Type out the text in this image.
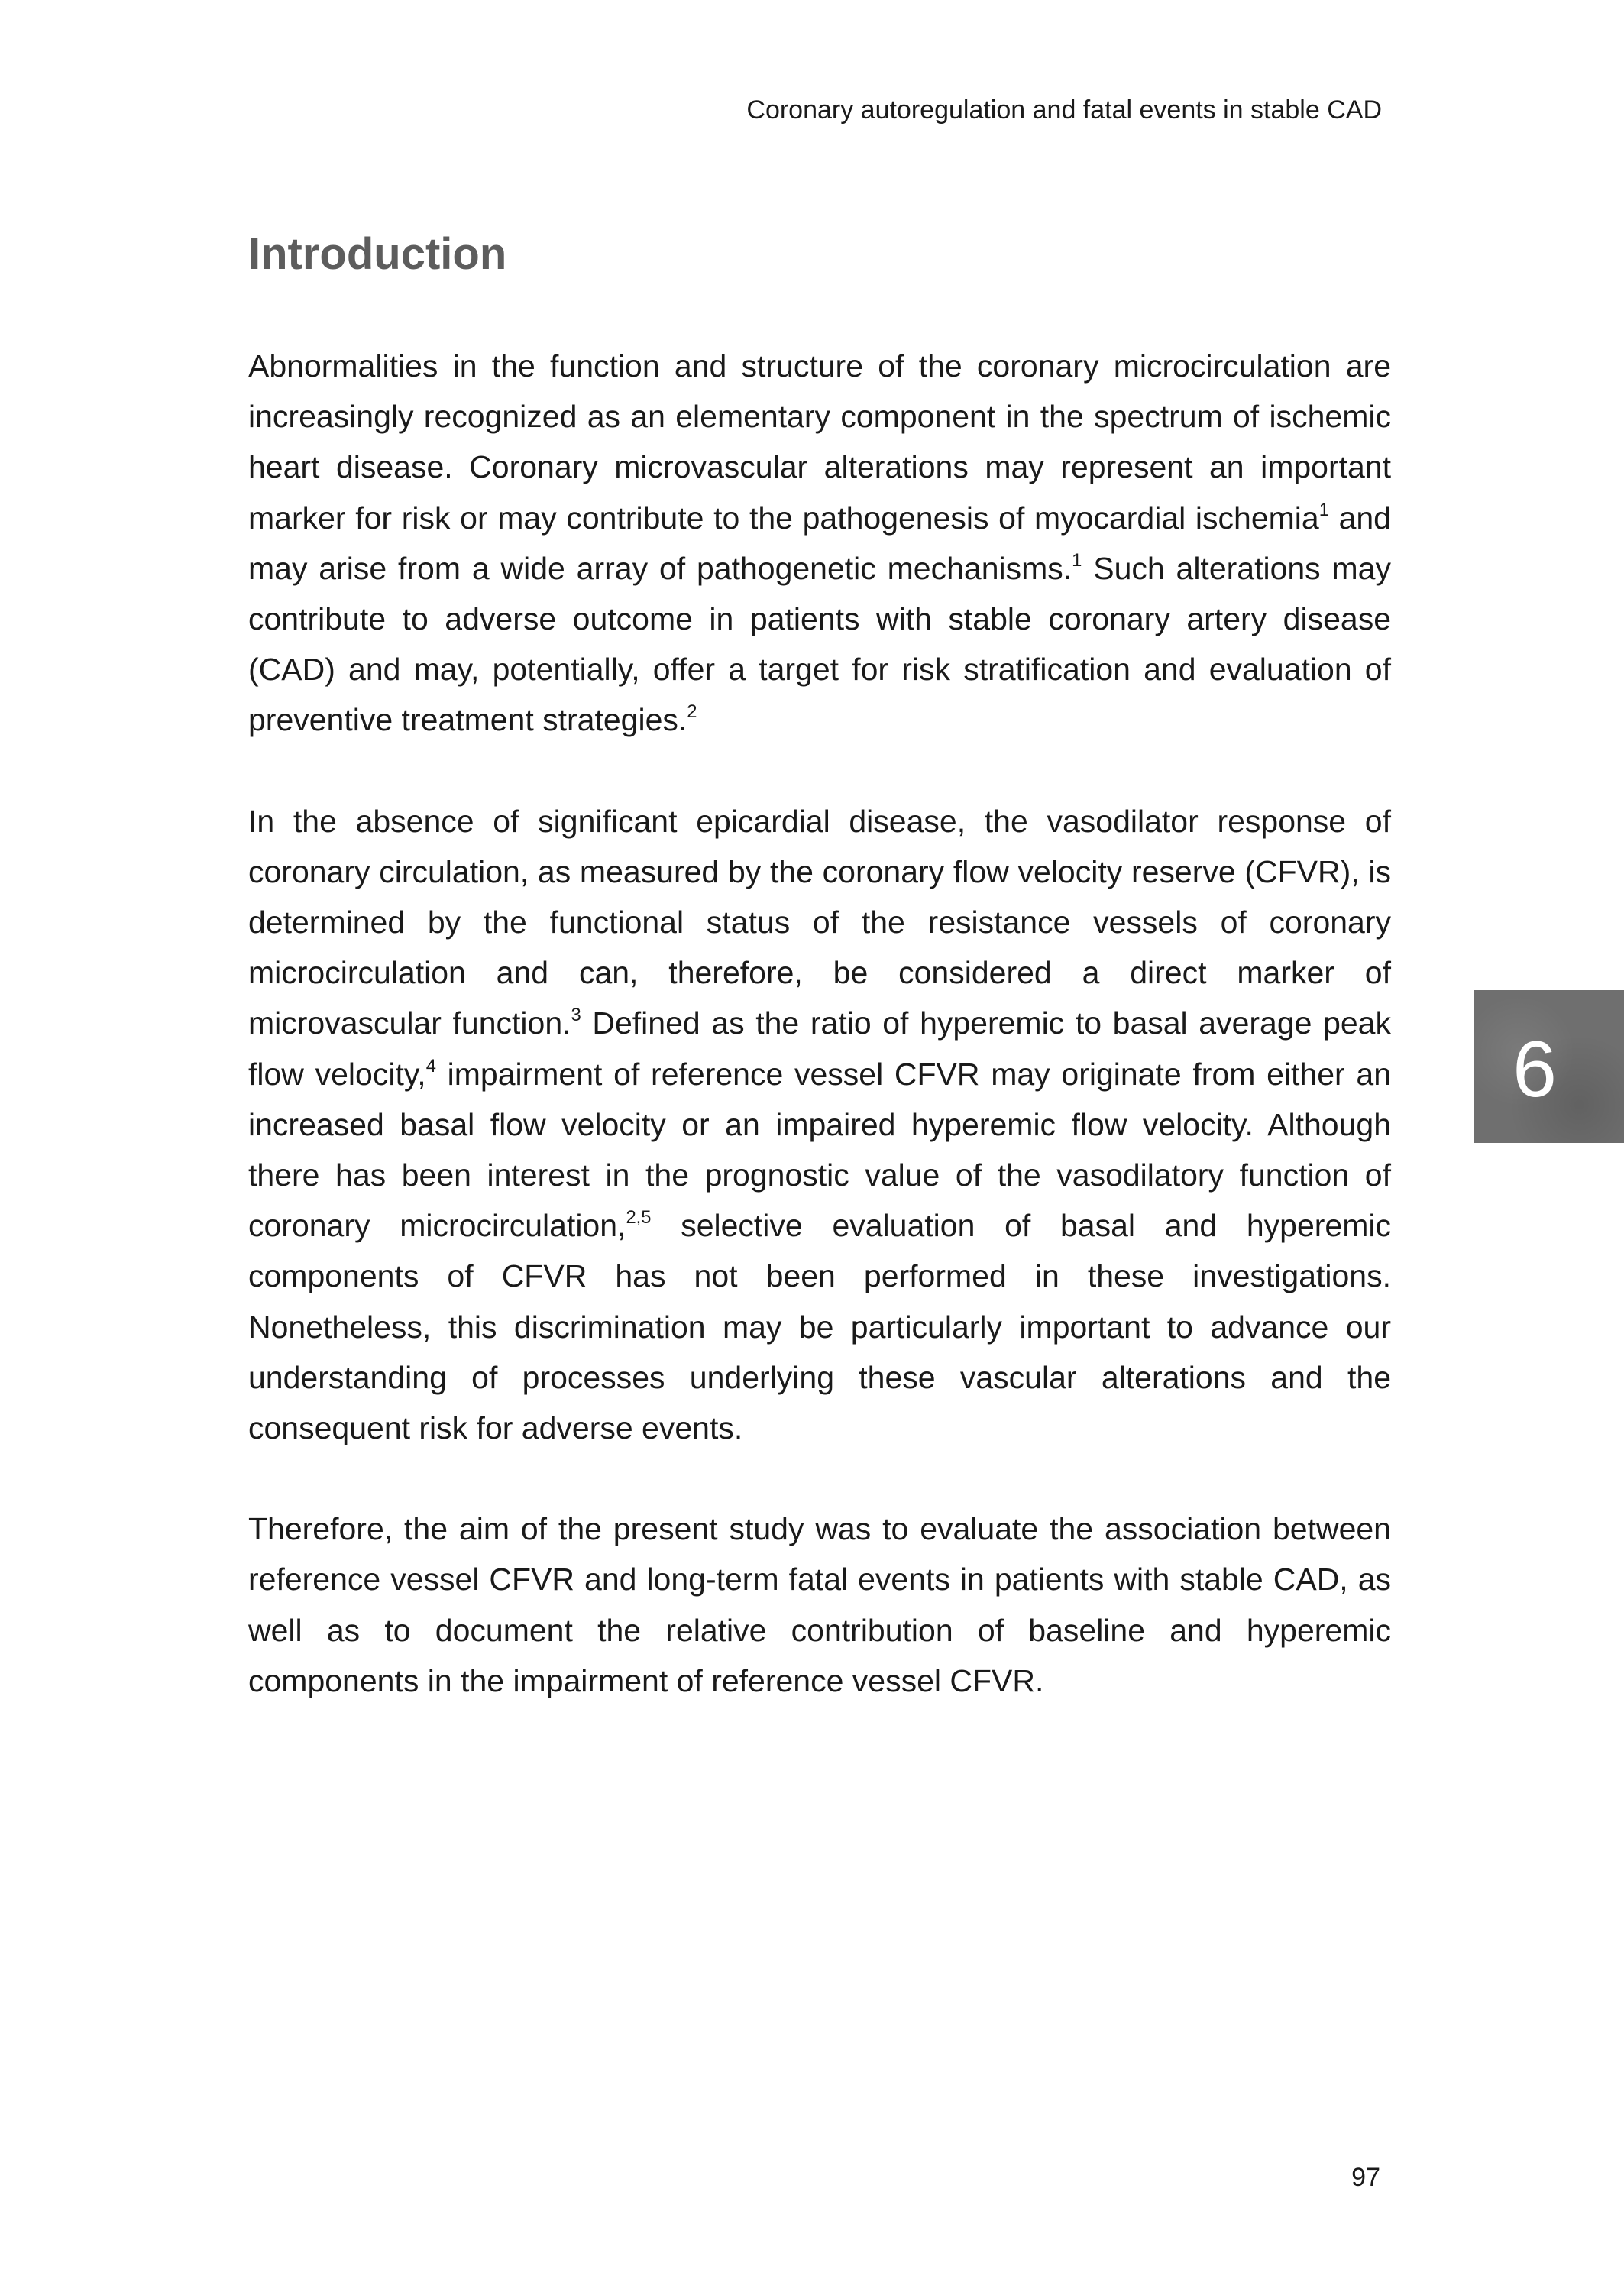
Coronary autoregulation and fatal events in stable CAD
Introduction

Abnormalities in the function and structure of the coronary microcirculation are increasingly recognized as an elementary component in the spectrum of ischemic heart disease. Coronary microvascular alterations may represent an important marker for risk or may contribute to the pathogenesis of myocardial ischemia$^1$ and may arise from a wide array of pathogenetic mechanisms.$^1$ Such alterations may contribute to adverse outcome in patients with stable coronary artery disease (CAD) and may, potentially, offer a target for risk stratification and evaluation of preventive treatment strategies.$^2$

In the absence of significant epicardial disease, the vasodilator response of coronary circulation, as measured by the coronary flow velocity reserve (CFVR), is determined by the functional status of the resistance vessels of coronary microcirculation and can, therefore, be considered a direct marker of microvascular function.$^3$ Defined as the ratio of hyperemic to basal average peak flow velocity,$^4$ impairment of reference vessel CFVR may originate from either an increased basal flow velocity or an impaired hyperemic flow velocity. Although there has been interest in the prognostic value of the vasodilatory function of coronary microcirculation,$^{2,5}$ selective evaluation of basal and hyperemic components of CFVR has not been performed in these investigations. Nonetheless, this discrimination may be particularly important to advance our understanding of processes underlying these vascular alterations and the consequent risk for adverse events.

Therefore, the aim of the present study was to evaluate the association between reference vessel CFVR and long-term fatal events in patients with stable CAD, as well as to document the relative contribution of baseline and hyperemic components in the impairment of reference vessel CFVR.

6
97
